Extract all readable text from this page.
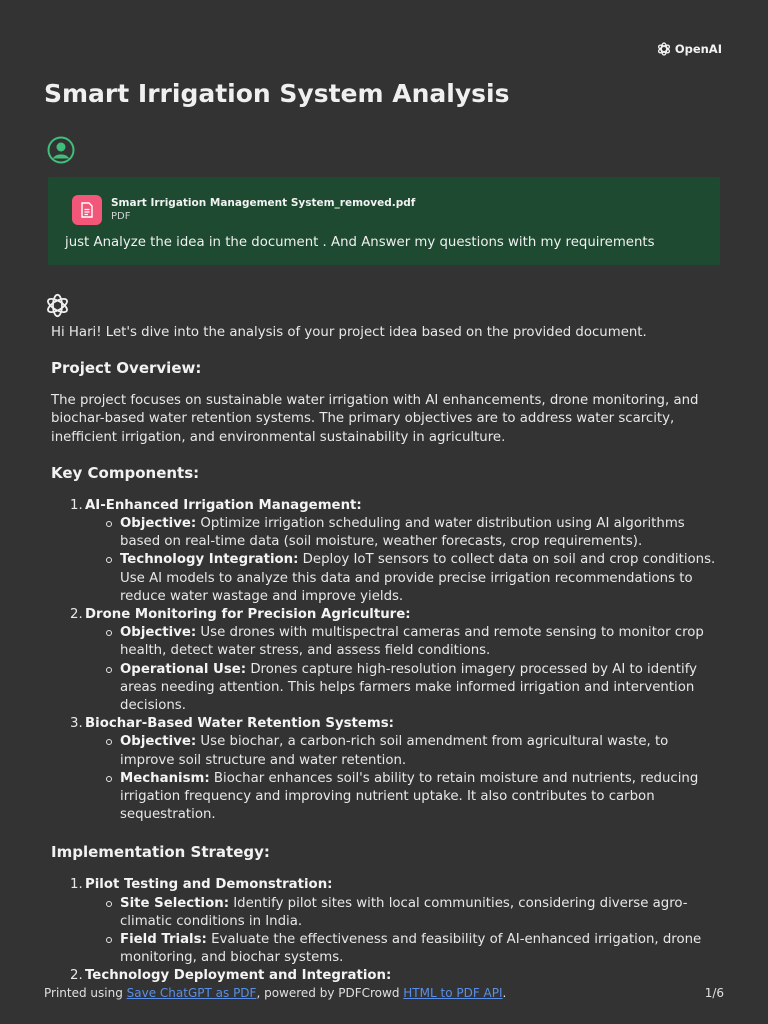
OpenAI
Smart Irrigation System Analysis
Smart Irrigation Management System_removed.pdf
PDF
just Analyze the idea in the document . And Answer my questions with my requirements

Hi Hari! Let's dive into the analysis of your project idea based on the provided document.

Project Overview:

The project focuses on sustainable water irrigation with AI enhancements, drone monitoring, and biochar-based water retention systems. The primary objectives are to address water scarcity, inefficient irrigation, and environmental sustainability in agriculture.

Key Components:
1. AI-Enhanced Irrigation Management:
Objective: Optimize irrigation scheduling and water distribution using AI algorithms based on real-time data (soil moisture, weather forecasts, crop requirements).
Technology Integration: Deploy IoT sensors to collect data on soil and crop conditions. Use AI models to analyze this data and provide precise irrigation recommendations to reduce water wastage and improve yields.
2. Drone Monitoring for Precision Agriculture:
Objective: Use drones with multispectral cameras and remote sensing to monitor crop health, detect water stress, and assess field conditions.
Operational Use: Drones capture high-resolution imagery processed by AI to identify areas needing attention. This helps farmers make informed irrigation and intervention decisions.
3. Biochar-Based Water Retention Systems:
Objective: Use biochar, a carbon-rich soil amendment from agricultural waste, to improve soil structure and water retention.
Mechanism: Biochar enhances soil's ability to retain moisture and nutrients, reducing irrigation frequency and improving nutrient uptake. It also contributes to carbon sequestration.
Implementation Strategy:
1. Pilot Testing and Demonstration:
Site Selection: Identify pilot sites with local communities, considering diverse agro-climatic conditions in India.
Field Trials: Evaluate the effectiveness and feasibility of AI-enhanced irrigation, drone monitoring, and biochar systems.
2. Technology Deployment and Integration:
Printed using Save ChatGPT as PDF, powered by PDFCrowd HTML to PDF API.	1/6
